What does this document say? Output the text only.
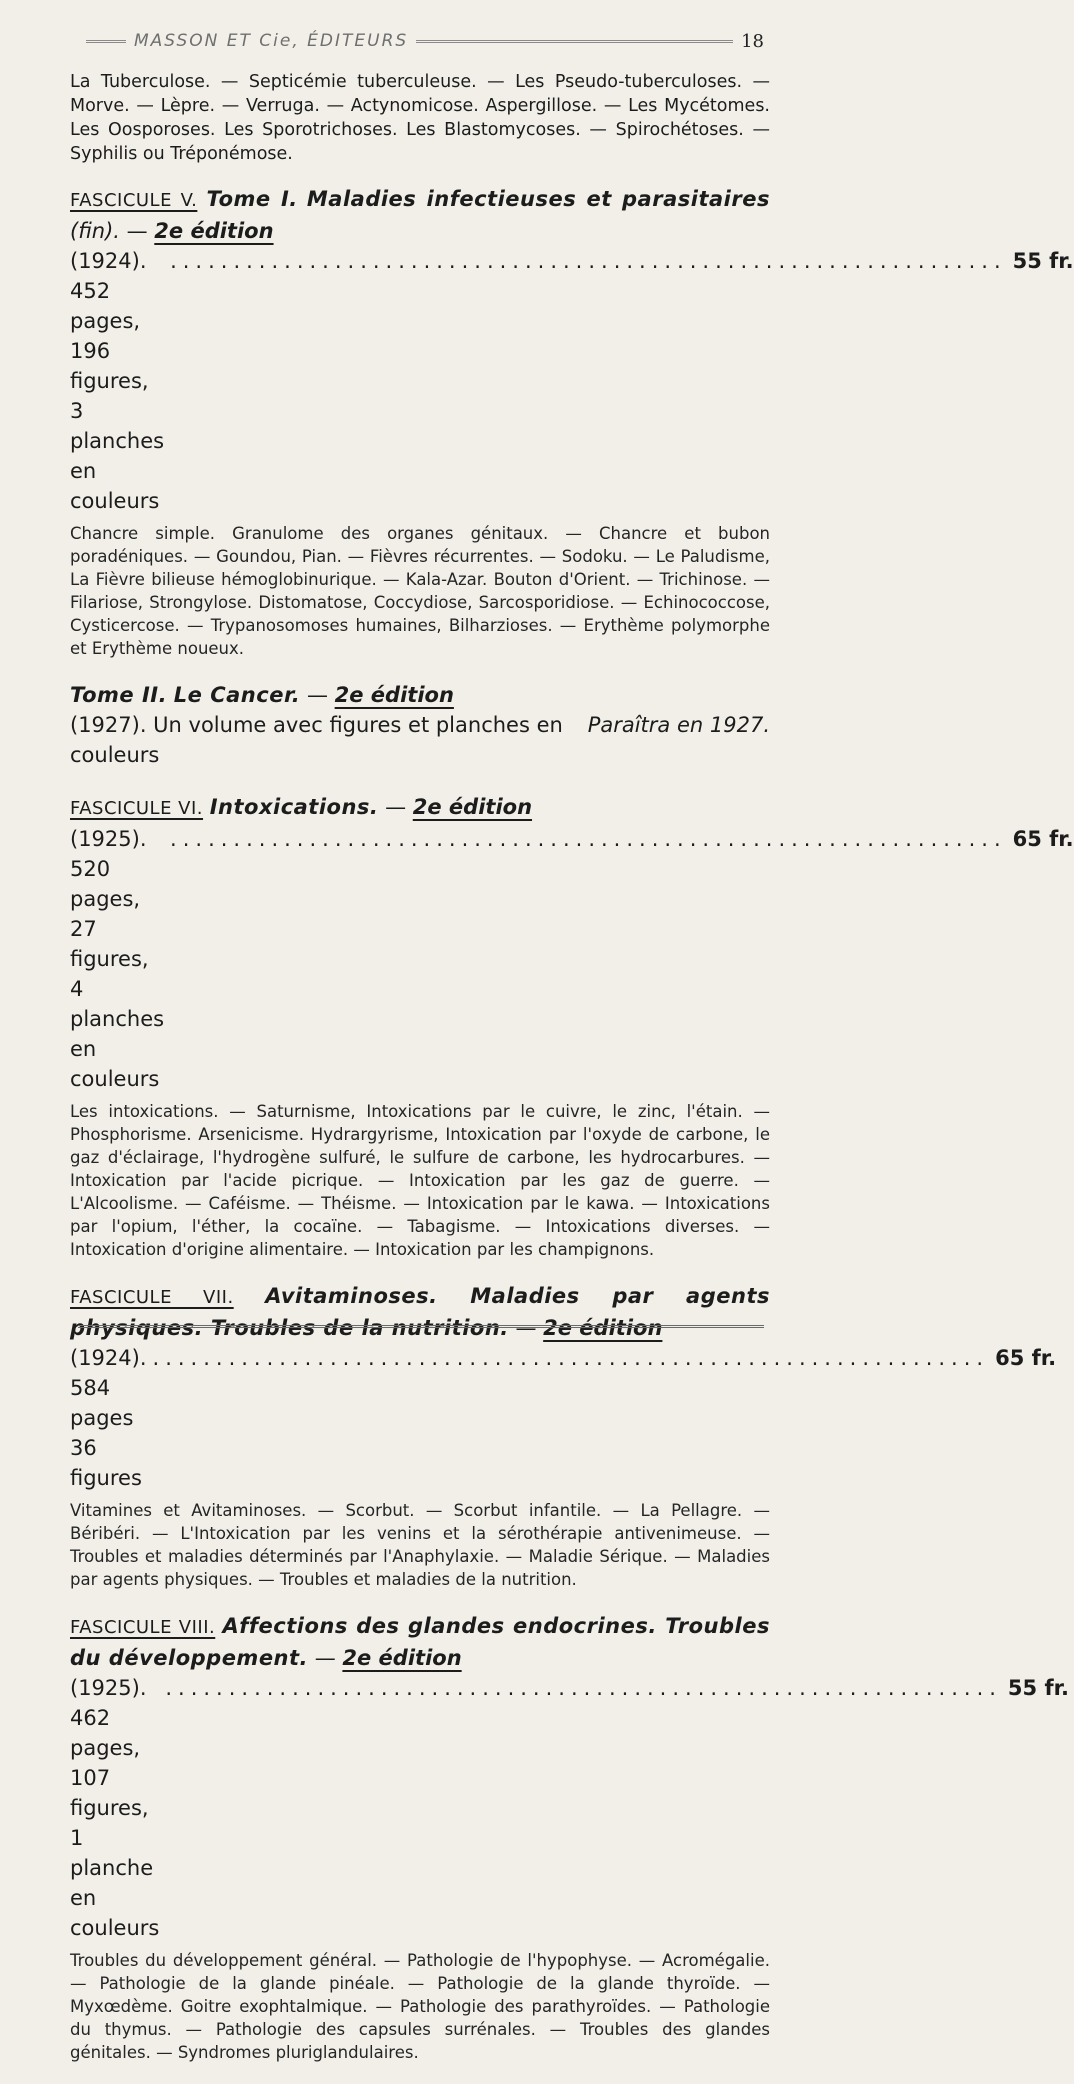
MASSON ET Cie, ÉDITEURS	18

La Tuberculose. — Septicémie tuberculeuse. — Les Pseudo-tuberculoses. — Morve. — Lèpre. — Verruga. — Actynomicose. Aspergillose. — Les Mycétomes. Les Oosporoses. Les Sporotrichoses. Les Blastomycoses. — Spirochétoses. — Syphilis ou Tréponémose.

FASCICULE V. Tome I. Maladies infectieuses et parasitaires (fin). — 2e édition

(1924). 452 pages, 196 figures, 3 planches en couleurs
.................................................................. 55 fr.

Chancre simple. Granulome des organes génitaux. — Chancre et bubon poradéniques. — Goundou, Pian. — Fièvres récurrentes. — Sodoku. — Le Paludisme, La Fièvre bilieuse hémoglobinurique. — Kala-Azar. Bouton d'Orient. — Trichinose. — Filariose, Strongylose. Distomatose, Coccydiose, Sarcosporidiose. — Echinococcose, Cysticercose. — Trypanosomoses humaines, Bilharzioses. — Erythème polymorphe et Erythème noueux.

Tome II. Le Cancer. — 2e édition

(1927). Un volume avec figures et planches en couleurs
Paraîtra en 1927.

FASCICULE VI. Intoxications. — 2e édition

(1925). 520 pages, 27 figures, 4 planches en couleurs
.................................................................. 65 fr.

Les intoxications. — Saturnisme, Intoxications par le cuivre, le zinc, l'étain. — Phosphorisme. Arsenicisme. Hydrargyrisme, Intoxication par l'oxyde de carbone, le gaz d'éclairage, l'hydrogène sulfuré, le sulfure de carbone, les hydrocarbures. — Intoxication par l'acide picrique. — Intoxication par les gaz de guerre. — L'Alcoolisme. — Caféisme. — Théisme. — Intoxication par le kawa. — Intoxications par l'opium, l'éther, la cocaïne. — Tabagisme. — Intoxications diverses. — Intoxication d'origine alimentaire. — Intoxication par les champignons.

FASCICULE VII. Avitaminoses. Maladies par agents physiques. Troubles de la nutrition. — 2e édition

(1924). 584 pages 36 figures
.................................................................. 65 fr.

Vitamines et Avitaminoses. — Scorbut. — Scorbut infantile. — La Pellagre. — Béribéri. — L'Intoxication par les venins et la sérothérapie antivenimeuse. — Troubles et maladies déterminés par l'Anaphylaxie. — Maladie Sérique. — Maladies par agents physiques. — Troubles et maladies de la nutrition.

FASCICULE VIII. Affections des glandes endocrines. Troubles du développement. — 2e édition

(1925). 462 pages, 107 figures, 1 planche en couleurs
.................................................................. 55 fr.

Troubles du développement général. — Pathologie de l'hypophyse. — Acromégalie. — Pathologie de la glande pinéale. — Pathologie de la glande thyroïde. — Myxœdème. Goitre exophtalmique. — Pathologie des parathyroïdes. — Pathologie du thymus. — Pathologie des capsules surrénales. — Troubles des glandes génitales. — Syndromes pluriglandulaires.
